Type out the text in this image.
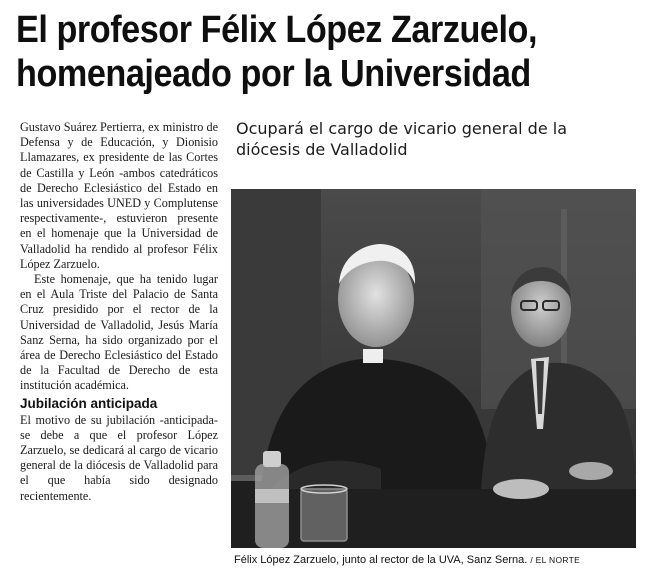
El profesor Félix López Zarzuelo,
homenajeado por la Universidad

Gustavo Suárez Pertierra, ex ministro de Defensa y de Educación, y Dionisio Llamazares, ex presidente de las Cortes de Castilla y León -ambos catedráticos de Derecho Eclesiástico del Estado en las universidades UNED y Complutense respectivamente-, estuvieron presente en el homenaje que la Universidad de Valladolid ha rendido al profesor Félix López Zarzuelo.

Este homenaje, que ha tenido lugar en el Aula Triste del Palacio de Santa Cruz presidido por el rector de la Universidad de Valladolid, Jesús María Sanz Serna, ha sido organizado por el área de Derecho Eclesiástico del Estado de la Facultad de Derecho de esta institución académica.

Jubilación anticipada

El motivo de su jubilación -anticipada- se debe a que el profesor López Zarzuelo, se dedicará al cargo de vicario general de la diócesis de Valladolid para el que había sido designado recientemente.

Ocupará el cargo de vicario general de la diócesis de Valladolid

Félix López Zarzuelo, junto al rector de la UVA, Sanz Serna. / EL NORTE
